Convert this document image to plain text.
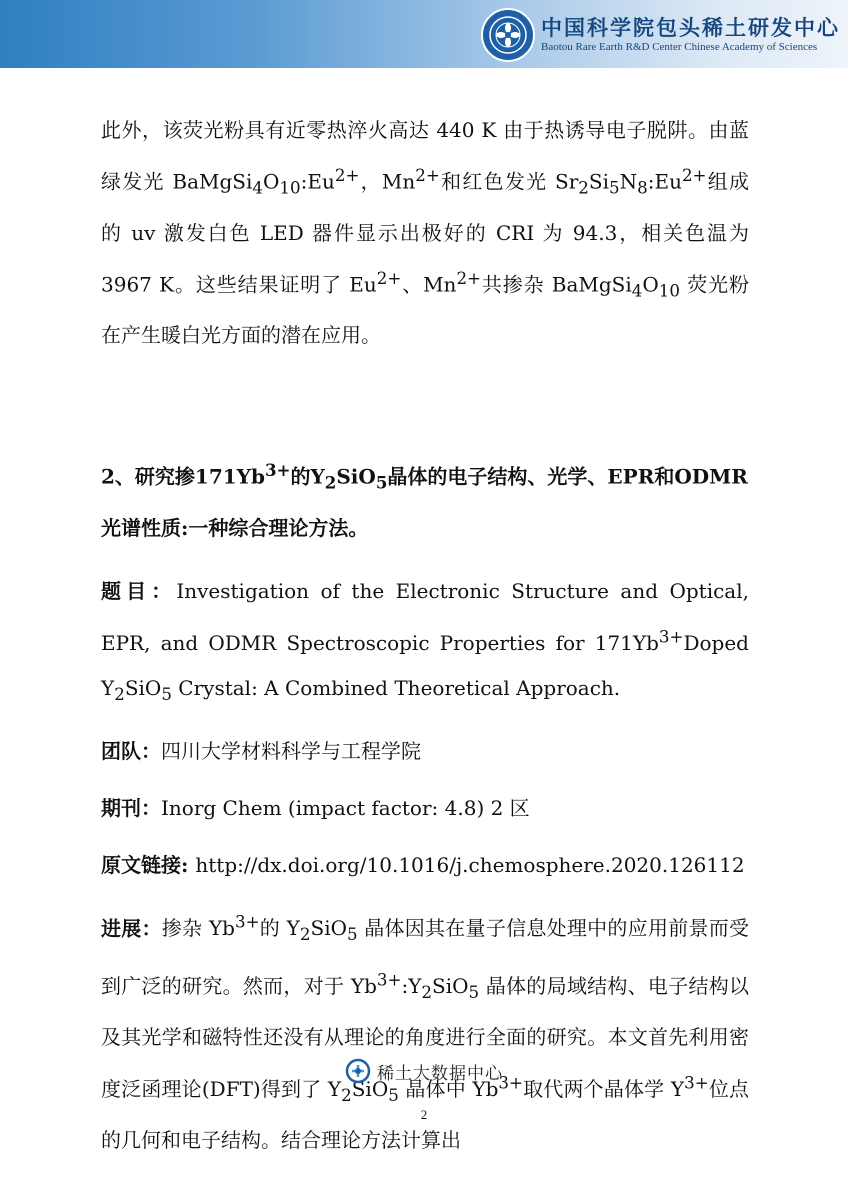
中国科学院包头稀土研发中心
Baotou Rare Earth R&D Center Chinese Academy of Sciences

此外，该荧光粉具有近零热淬火高达 440 K 由于热诱导电子脱阱。由蓝绿发光 $BaMgSi_4O_{10}:Eu^{2+}$，$Mn^{2+}$和红色发光 $Sr_2Si_5N_8:Eu^{2+}$组成的 uv 激发白色 LED 器件显示出极好的 CRI 为 94.3，相关色温为 3967 K。这些结果证明了 $Eu^{2+}$、$Mn^{2+}$共掺杂 $BaMgSi_4O_{10}$ 荧光粉在产生暖白光方面的潜在应用。

2、研究掺$171Yb^{3+}$的$Y_2SiO_5$晶体的电子结构、光学、EPR和ODMR光谱性质:一种综合理论方法。

题目：Investigation of the Electronic Structure and Optical, EPR, and ODMR Spectroscopic Properties for $171Yb^{3+}Doped$ $Y_2SiO_5$ Crystal: A Combined Theoretical Approach.

团队：四川大学材料科学与工程学院

期刊：Inorg Chem (impact factor: 4.8) 2 区

原文链接: http://dx.doi.org/10.1016/j.chemosphere.2020.126112

进展：掺杂 $Yb^{3+}$的 $Y_2SiO_5$ 晶体因其在量子信息处理中的应用前景而受到广泛的研究。然而，对于 $Yb^{3+}:Y_2SiO_5$ 晶体的局域结构、电子结构以及其光学和磁特性还没有从理论的角度进行全面的研究。本文首先利用密度泛函理论(DFT)得到了 $Y_2SiO_5$ 晶体中 $Yb^{3+}$取代两个晶体学 $Y^{3+}$位点的几何和电子结构。结合理论方法计算出

稀土大数据中心
2
